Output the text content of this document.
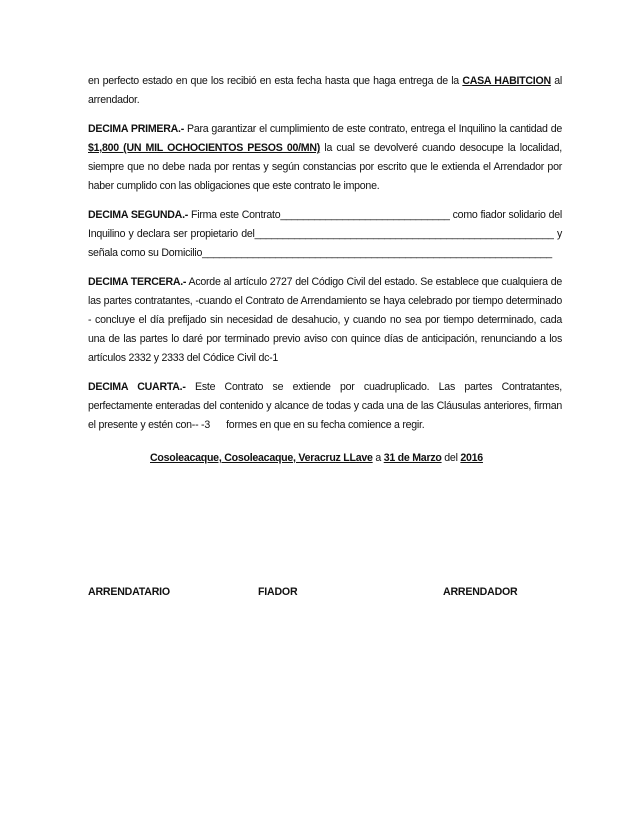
en perfecto estado en que los recibió en esta fecha hasta que haga entrega de la CASA HABITCION al arrendador.

DECIMA PRIMERA.- Para garantizar el cumplimiento de este contrato, entrega el Inquilino la cantidad de $1,800 (UN MIL OCHOCIENTOS PESOS 00/MN) la cual se devolveré cuando desocupe la localidad, siempre que no debe nada por rentas y según constancias por escrito que le extienda el Arrendador por haber cumplido con las obligaciones que este contrato le impone.

DECIMA SEGUNDA.- Firma este Contrato______________________________ como fiador solidario del Inquilino y declara ser propietario del_____________________________________________________ y señala como su Domicilio______________________________________________________________

DECIMA TERCERA.- Acorde al artículo 2727 del Código Civil del estado. Se establece que cualquiera de las partes contratantes, -cuando el Contrato de Arrendamiento se haya celebrado por tiempo determinado - concluye el día prefijado sin necesidad de desahucio, y cuando no sea por tiempo determinado, cada una de las partes lo daré por terminado previo aviso con quince días de anticipación, renunciando a los artículos 2332 y 2333 del Códice Civil dc-1

DECIMA CUARTA.- Este Contrato se extiende por cuadruplicado. Las partes Contratantes, perfectamente enteradas del contenido y alcance de todas y cada una de las Cláusulas anteriores, firman el presente y estén con-- -3      formes en que en su fecha comience a regir.

Cosoleacaque, Cosoleacaque, Veracruz LLave a 31 de Marzo del 2016
ARRENDATARIO	FIADOR	ARRENDADOR
